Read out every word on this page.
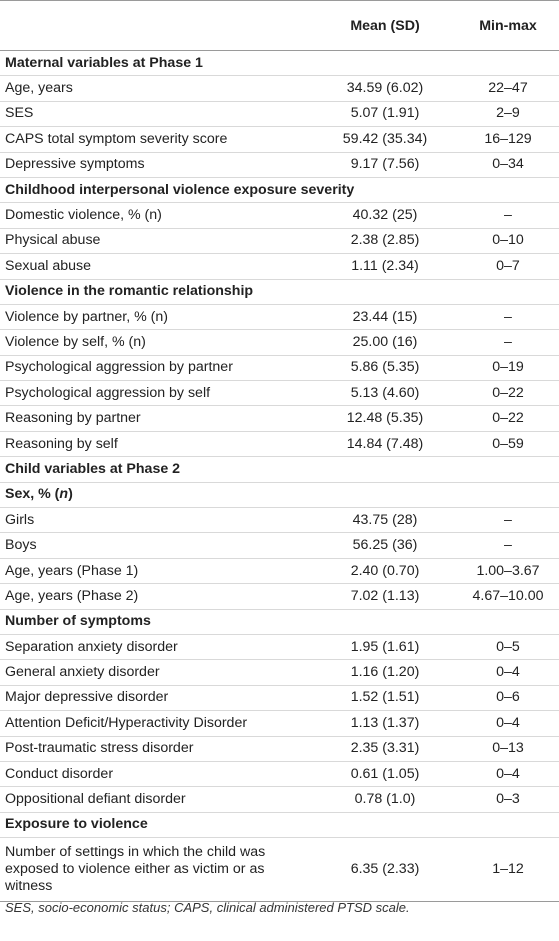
	Mean (SD)	Min-max
Maternal variables at Phase 1		
Age, years	34.59 (6.02)	22–47
SES	5.07 (1.91)	2–9
CAPS total symptom severity score	59.42 (35.34)	16–129
Depressive symptoms	9.17 (7.56)	0–34
Childhood interpersonal violence exposure severity		
Domestic violence, % (n)	40.32 (25)	–
Physical abuse	2.38 (2.85)	0–10
Sexual abuse	1.11 (2.34)	0–7
Violence in the romantic relationship		
Violence by partner, % (n)	23.44 (15)	–
Violence by self, % (n)	25.00 (16)	–
Psychological aggression by partner	5.86 (5.35)	0–19
Psychological aggression by self	5.13 (4.60)	0–22
Reasoning by partner	12.48 (5.35)	0–22
Reasoning by self	14.84 (7.48)	0–59
Child variables at Phase 2		
Sex, % (n)		
Girls	43.75 (28)	–
Boys	56.25 (36)	–
Age, years (Phase 1)	2.40 (0.70)	1.00–3.67
Age, years (Phase 2)	7.02 (1.13)	4.67–10.00
Number of symptoms		
Separation anxiety disorder	1.95 (1.61)	0–5
General anxiety disorder	1.16 (1.20)	0–4
Major depressive disorder	1.52 (1.51)	0–6
Attention Deficit/Hyperactivity Disorder	1.13 (1.37)	0–4
Post-traumatic stress disorder	2.35 (3.31)	0–13
Conduct disorder	0.61 (1.05)	0–4
Oppositional defiant disorder	0.78 (1.0)	0–3
Exposure to violence		
Number of settings in which the child was exposed to violence either as victim or as witness	6.35 (2.33)	1–12
SES, socio-economic status; CAPS, clinical administered PTSD scale.
